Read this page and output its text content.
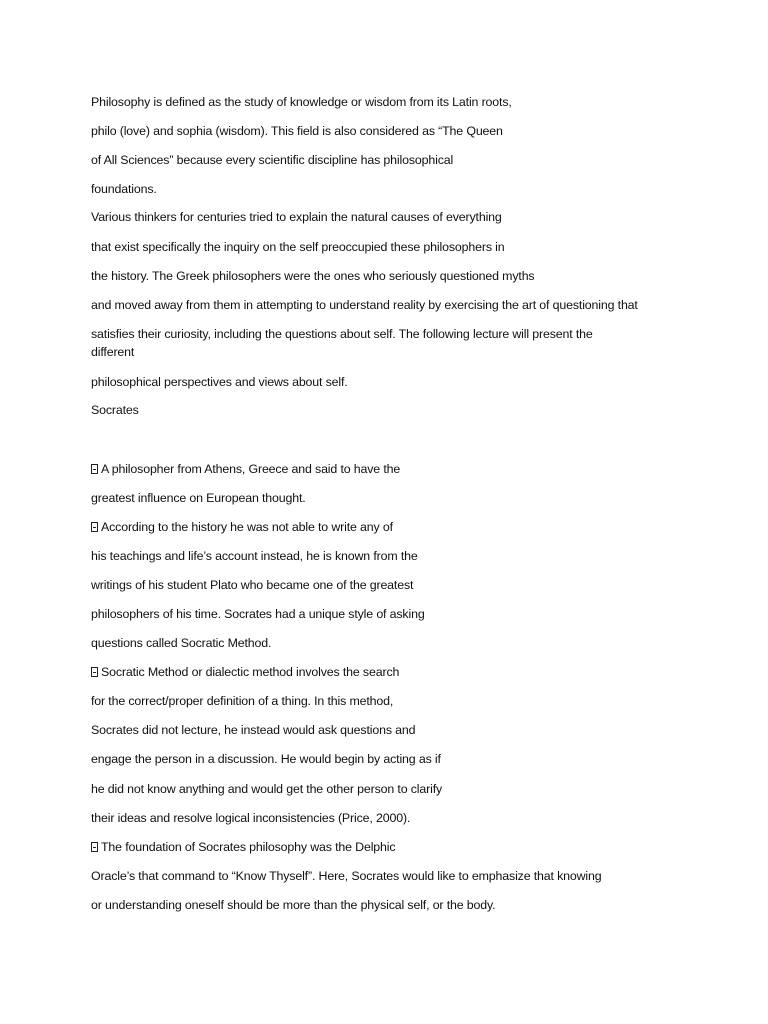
Philosophy is defined as the study of knowledge or wisdom from its Latin roots,

philo (love) and sophia (wisdom). This field is also considered as “The Queen

of All Sciences” because every scientific discipline has philosophical

foundations.

Various thinkers for centuries tried to explain the natural causes of everything

that exist specifically the inquiry on the self preoccupied these philosophers in

the history. The Greek philosophers were the ones who seriously questioned myths

and moved away from them in attempting to understand reality by exercising the art of questioning that

satisfies their curiosity, including the questions about self. The following lecture will present the

different

philosophical perspectives and views about self.

Socrates

A philosopher from Athens, Greece and said to have the

greatest influence on European thought.

According to the history he was not able to write any of

his teachings and life’s account instead, he is known from the

writings of his student Plato who became one of the greatest

philosophers of his time. Socrates had a unique style of asking

questions called Socratic Method.

Socratic Method or dialectic method involves the search

for the correct/proper definition of a thing. In this method,

Socrates did not lecture, he instead would ask questions and

engage the person in a discussion. He would begin by acting as if

he did not know anything and would get the other person to clarify

their ideas and resolve logical inconsistencies (Price, 2000).

The foundation of Socrates philosophy was the Delphic

Oracle’s that command to “Know Thyself”. Here, Socrates would like to emphasize that knowing

or understanding oneself should be more than the physical self, or the body.
